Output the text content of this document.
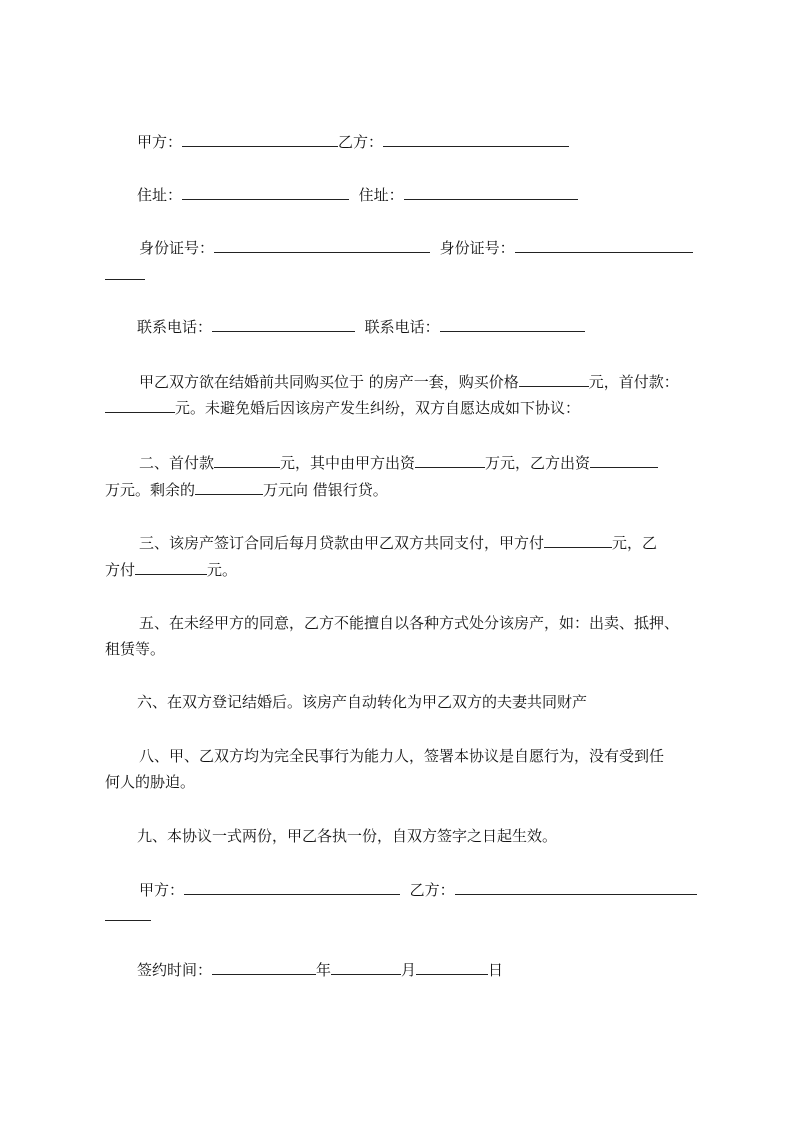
甲方：	乙方：
住址：	住址：
身份证号：	身份证号：
联系电话：	联系电话：
甲乙双方欲在结婚前共同购买位于 的房产一套，购买价格	元，首付款：
元。未避免婚后因该房产发生纠纷，双方自愿达成如下协议：
二、首付款	元，其中由甲方出资	万元，乙方出资
万元。剩余的	万元向 借银行贷。
三、该房产签订合同后每月贷款由甲乙双方共同支付，甲方付	元，乙
方付	元。
五、在未经甲方的同意，乙方不能擅自以各种方式处分该房产，如：出卖、抵押、
租赁等。
六、在双方登记结婚后。该房产自动转化为甲乙双方的夫妻共同财产
八、甲、乙双方均为完全民事行为能力人，签署本协议是自愿行为，没有受到任
何人的胁迫。
九、本协议一式两份，甲乙各执一份，自双方签字之日起生效。
甲方：	乙方：
签约时间：	年	月	日
